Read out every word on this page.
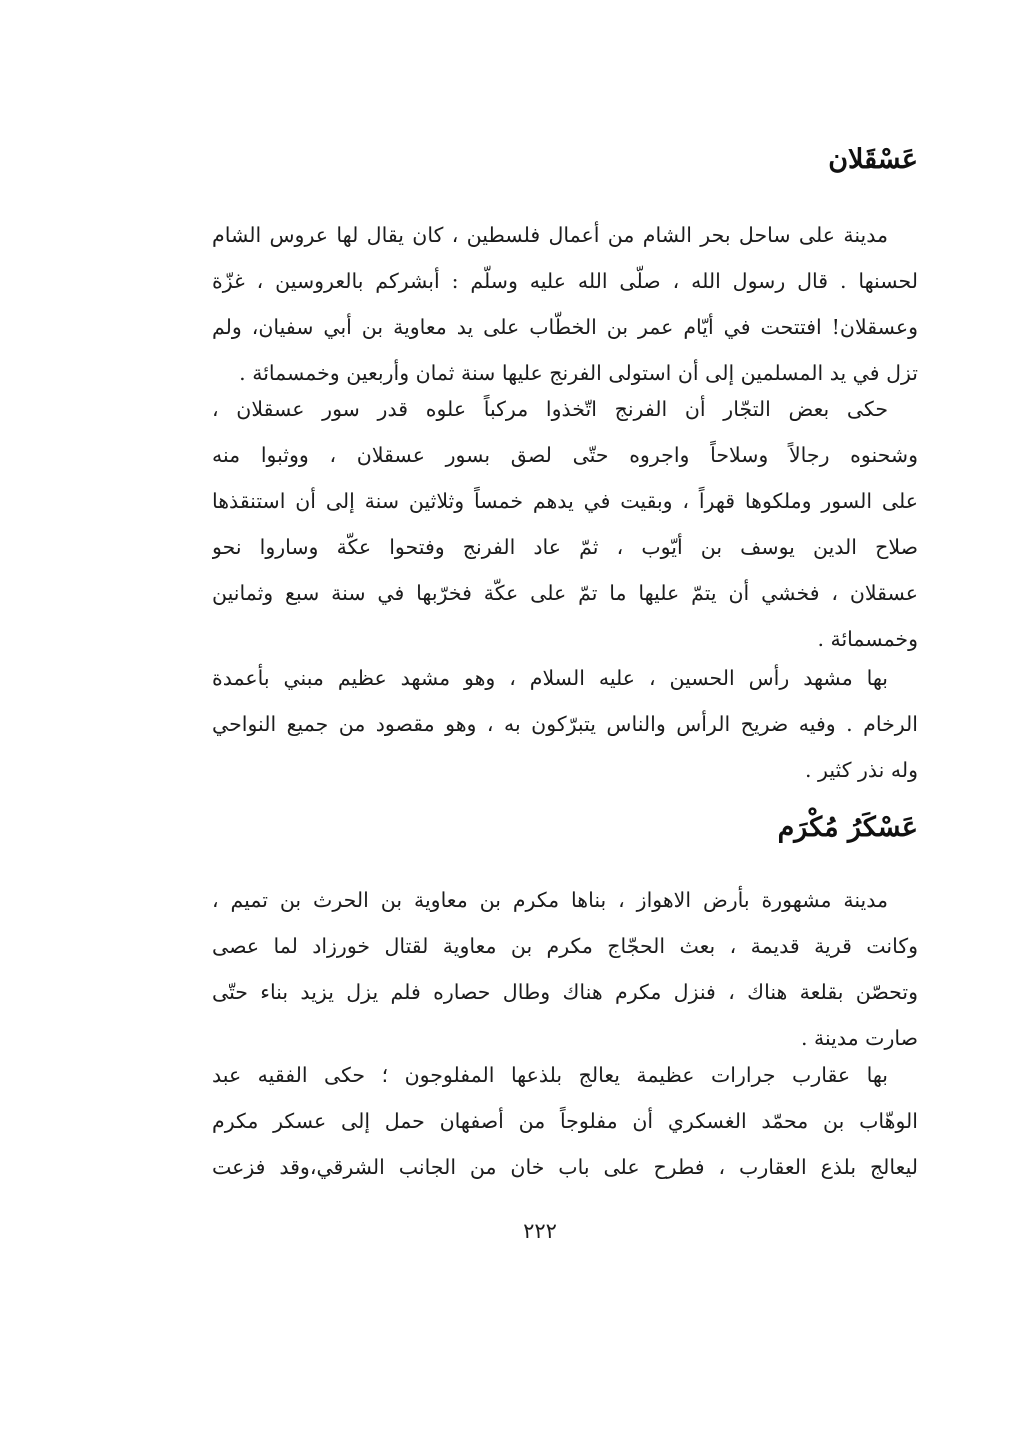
عَسْقَلان
مدينة على ساحل بحر الشام من أعمال فلسطين ، كان يقال لها عروس الشام
لحسنها . قال رسول الله ، صلّى الله عليه وسلّم : أبشركم بالعروسين ، غزّة
وعسقلان! افتتحت في أيّام عمر بن الخطّاب على يد معاوية بن أبي سفيان، ولم
تزل في يد المسلمين إلى أن استولى الفرنج عليها سنة ثمان وأربعين وخمسمائة .
حكى بعض التجّار أن الفرنج اتّخذوا مركباً علوه قدر سور عسقلان ،
وشحنوه رجالاً وسلاحاً واجروه حتّى لصق بسور عسقلان ، ووثبوا منه
على السور وملكوها قهراً ، وبقيت في يدهم خمساً وثلاثين سنة إلى أن استنقذها
صلاح الدين يوسف بن أيّوب ، ثمّ عاد الفرنج وفتحوا عكّة وساروا نحو
عسقلان ، فخشي أن يتمّ عليها ما تمّ على عكّة فخرّبها في سنة سبع وثمانين
وخمسمائة .
بها مشهد رأس الحسين ، عليه السلام ، وهو مشهد عظيم مبني بأعمدة
الرخام . وفيه ضريح الرأس والناس يتبرّكون به ، وهو مقصود من جميع النواحي
وله نذر كثير .
عَسْكَرُ مُكْرَم
مدينة مشهورة بأرض الاهواز ، بناها مكرم بن معاوية بن الحرث بن تميم ،
وكانت قرية قديمة ، بعث الحجّاج مكرم بن معاوية لقتال خورزاد لما عصى
وتحصّن بقلعة هناك ، فنزل مكرم هناك وطال حصاره فلم يزل يزيد بناء حتّى
صارت مدينة .
بها عقارب جرارات عظيمة يعالج بلذعها المفلوجون ؛ حكى الفقيه عبد
الوهّاب بن محمّد الغسكري أن مفلوجاً من أصفهان حمل إلى عسكر مكرم
ليعالج بلذع العقارب ، فطرح على باب خان من الجانب الشرقي،وقد فزعت
٢٢٢
